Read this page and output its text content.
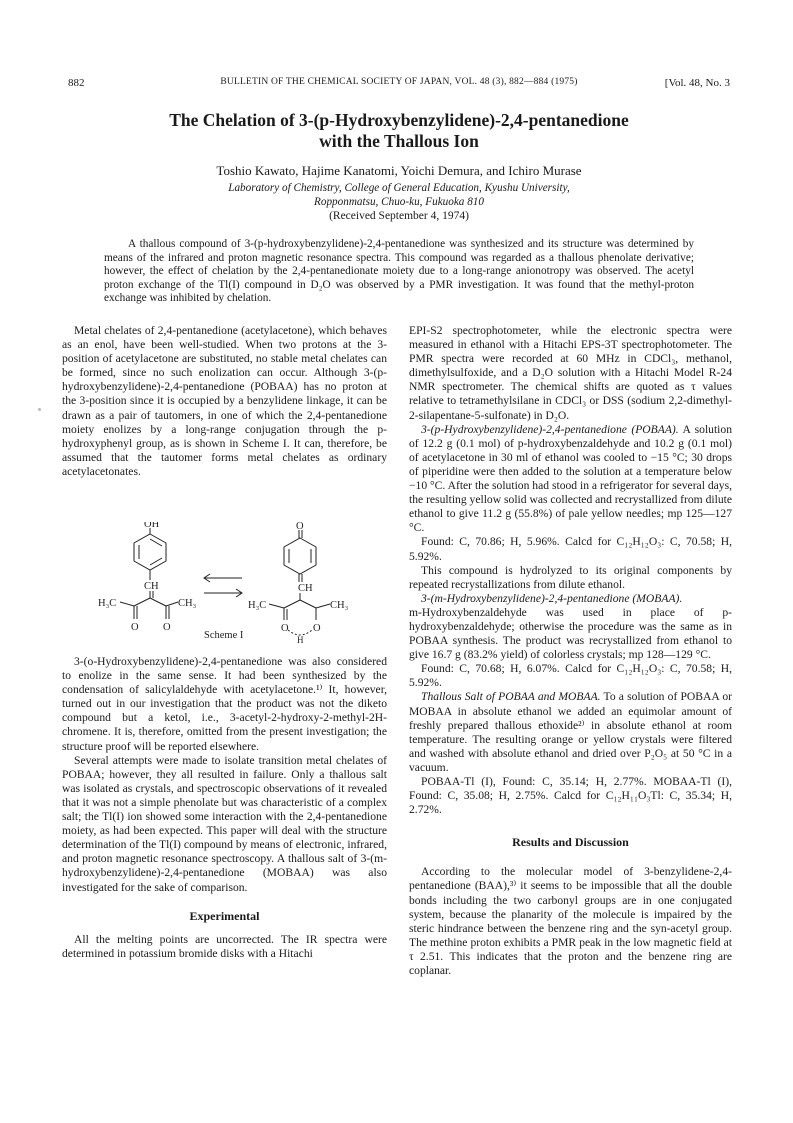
882	BULLETIN OF THE CHEMICAL SOCIETY OF JAPAN, VOL. 48 (3), 882—884 (1975)	[Vol. 48, No. 3
The Chelation of 3-(p-Hydroxybenzylidene)-2,4-pentanedione
with the Thallous Ion
Toshio Kawato, Hajime Kanatomi, Yoichi Demura, and Ichiro Murase
Laboratory of Chemistry, College of General Education, Kyushu University,
Ropponmatsu, Chuo-ku, Fukuoka 810
(Received September 4, 1974)
A thallous compound of 3-(p-hydroxybenzylidene)-2,4-pentanedione was synthesized and its structure was determined by means of the infrared and proton magnetic resonance spectra. This compound was regarded as a thallous phenolate derivative; however, the effect of chelation by the 2,4-pentanedionate moiety due to a long-range anionotropy was observed. The acetyl proton exchange of the Tl(I) compound in D₂O was observed by a PMR investigation. It was found that the methyl-proton exchange was inhibited by chelation.

Metal chelates of 2,4-pentanedione (acetylacetone), which behaves as an enol, have been well-studied. When two protons at the 3-position of acetylacetone are substituted, no stable metal chelates can be formed, since no such enolization can occur. Although 3-(p-hydroxybenzylidene)-2,4-pentanedione (POBAA) has no proton at the 3-position since it is occupied by a benzylidene linkage, it can be drawn as a pair of tautomers, in one of which the 2,4-pentanedione moiety enolizes by a long-range conjugation through the p-hydroxyphenyl group, as is shown in Scheme I. It can, therefore, be assumed that the tautomer forms metal chelates as ordinary acetylacetonates.

OH	O
CH	CH
H₃C	CH₃	H₃C	CH₃
O O	O O
H
Scheme I

3-(o-Hydroxybenzylidene)-2,4-pentanedione was also considered to enolize in the same sense. It had been synthesized by the condensation of salicylaldehyde with acetylacetone.¹⁾ It, however, turned out in our investigation that the product was not the diketo compound but a ketol, i.e., 3-acetyl-2-hydroxy-2-methyl-2H-chromene. It is, therefore, omitted from the present investigation; the structure proof will be reported elsewhere.

Several attempts were made to isolate transition metal chelates of POBAA; however, they all resulted in failure. Only a thallous salt was isolated as crystals, and spectroscopic observations of it revealed that it was not a simple phenolate but was characteristic of a complex salt; the Tl(I) ion showed some interaction with the 2,4-pentanedione moiety, as had been expected. This paper will deal with the structure determination of the Tl(I) compound by means of electronic, infrared, and proton magnetic resonance spectroscopy. A thallous salt of 3-(m-hydroxybenzylidene)-2,4-pentanedione (MOBAA) was also investigated for the sake of comparison.

Experimental

All the melting points are uncorrected. The IR spectra were determined in potassium bromide disks with a Hitachi

EPI-S2 spectrophotometer, while the electronic spectra were measured in ethanol with a Hitachi EPS-3T spectrophotometer. The PMR spectra were recorded at 60 MHz in CDCl₃, methanol, dimethylsulfoxide, and a D₂O solution with a Hitachi Model R-24 NMR spectrometer. The chemical shifts are quoted as τ values relative to tetramethylsilane in CDCl₃ or DSS (sodium 2,2-dimethyl-2-silapentane-5-sulfonate) in D₂O.

3-(p-Hydroxybenzylidene)-2,4-pentanedione (POBAA). A solution of 12.2 g (0.1 mol) of p-hydroxybenzaldehyde and 10.2 g (0.1 mol) of acetylacetone in 30 ml of ethanol was cooled to −15 °C; 30 drops of piperidine were then added to the solution at a temperature below −10 °C. After the solution had stood in a refrigerator for several days, the resulting yellow solid was collected and recrystallized from dilute ethanol to give 11.2 g (55.8%) of pale yellow needles; mp 125—127 °C.

Found: C, 70.86; H, 5.96%. Calcd for C₁₂H₁₂O₃: C, 70.58; H, 5.92%.

This compound is hydrolyzed to its original components by repeated recrystallizations from dilute ethanol.

3-(m-Hydroxybenzylidene)-2,4-pentanedione (MOBAA).

m-Hydroxybenzaldehyde was used in place of p-hydroxybenzaldehyde; otherwise the procedure was the same as in POBAA synthesis. The product was recrystallized from ethanol to give 16.7 g (83.2% yield) of colorless crystals; mp 128—129 °C.

Found: C, 70.68; H, 6.07%. Calcd for C₁₂H₁₂O₃: C, 70.58; H, 5.92%.

Thallous Salt of POBAA and MOBAA. To a solution of POBAA or MOBAA in absolute ethanol we added an equimolar amount of freshly prepared thallous ethoxide²⁾ in absolute ethanol at room temperature. The resulting orange or yellow crystals were filtered and washed with absolute ethanol and dried over P₂O₅ at 50 °C in a vacuum.

POBAA-Tl (I), Found: C, 35.14; H, 2.77%. MOBAA-Tl (I), Found: C, 35.08; H, 2.75%. Calcd for C₁₂H₁₁O₃Tl: C, 35.34; H, 2.72%.

Results and Discussion

According to the molecular model of 3-benzylidene-2,4-pentanedione (BAA),³⁾ it seems to be impossible that all the double bonds including the two carbonyl groups are in one conjugated system, because the planarity of the molecule is impaired by the steric hindrance between the benzene ring and the syn-acetyl group. The methine proton exhibits a PMR peak in the low magnetic field at τ 2.51. This indicates that the proton and the benzene ring are coplanar.
